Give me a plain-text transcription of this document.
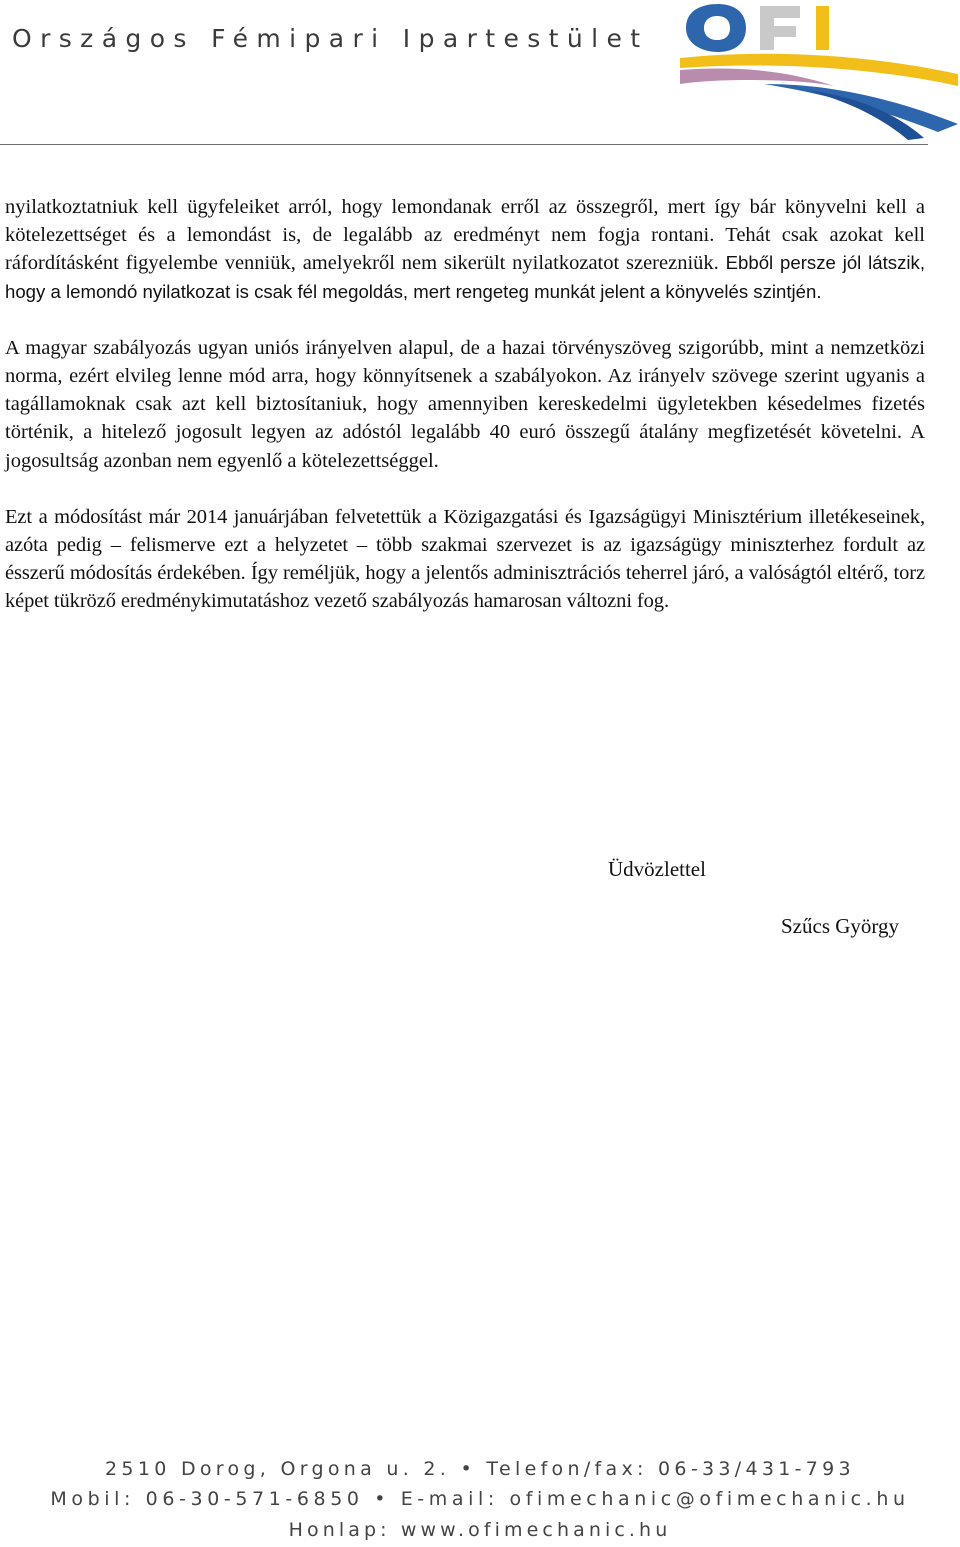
Országos Fémipari Ipartestület
OFI

nyilatkoztatniuk kell ügyfeleiket arról, hogy lemondanak erről az összegről, mert így bár könyvelni kell a kötelezettséget és a lemondást is, de legalább az eredményt nem fogja rontani. Tehát csak azokat kell ráfordításként figyelembe venniük, amelyekről nem sikerült nyilatkozatot szerezniük. Ebből persze jól látszik, hogy a lemondó nyilatkozat is csak fél megoldás, mert rengeteg munkát jelent a könyvelés szintjén.

A magyar szabályozás ugyan uniós irányelven alapul, de a hazai törvényszöveg szigorúbb, mint a nemzetközi norma, ezért elvileg lenne mód arra, hogy könnyítsenek a szabályokon. Az irányelv szövege szerint ugyanis a tagállamoknak csak azt kell biztosítaniuk, hogy amennyiben kereskedelmi ügyletekben késedelmes fizetés történik, a hitelező jogosult legyen az adóstól legalább 40 euró összegű átalány megfizetését követelni. A jogosultság azonban nem egyenlő a kötelezettséggel.

Ezt a módosítást már 2014 januárjában felvetettük a Közigazgatási és Igazságügyi Minisztérium illetékeseinek, azóta pedig – felismerve ezt a helyzetet – több szakmai szervezet is az igazságügy miniszterhez fordult az ésszerű módosítás érdekében. Így reméljük, hogy a jelentős adminisztrációs teherrel járó, a valóságtól eltérő, torz képet tükröző eredménykimutatáshoz vezető szabályozás hamarosan változni fog.

Üdvözlettel
Szűcs György
2510 Dorog, Orgona u. 2. • Telefon/fax: 06-33/431-793
Mobil: 06-30-571-6850 • E-mail: ofimechanic@ofimechanic.hu
Honlap: www.ofimechanic.hu
